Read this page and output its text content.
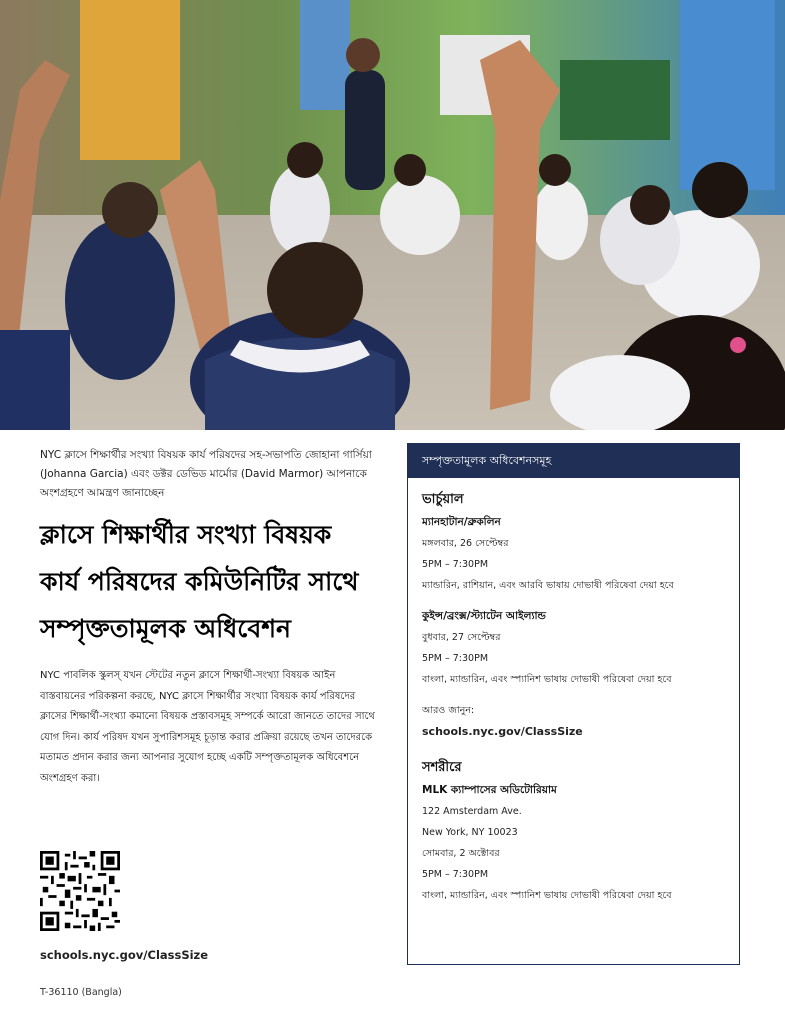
NYC ক্লাসে শিক্ষার্থীর সংখ্যা বিষয়ক কার্য পরিষদের সহ-সভাপতি জোহানা গার্সিয়া (Johanna Garcia) এবং ডক্টর ডেভিড মার্মোর (David Marmor) আপনাকে অংশগ্রহণে আমন্ত্রণ জানাচ্ছেন

ক্লাসে শিক্ষার্থীর সংখ্যা বিষয়ক কার্য পরিষদের কমিউনিটির সাথে সম্পৃক্ততামূলক অধিবেশন

NYC পাবলিক স্কুলস্ যখন স্টেটের নতুন ক্লাসে শিক্ষার্থী-সংখ্যা বিষয়ক আইন বাস্তবায়নের পরিকল্পনা করছে, NYC ক্লাসে শিক্ষার্থীর সংখ্যা বিষয়ক কার্য পরিষদের ক্লাসের শিক্ষার্থী-সংখ্যা কমানো বিষয়ক প্রস্তাবসমূহ সম্পর্কে আরো জানতে তাদের সাথে যোগ দিন। কার্য পরিষদ যখন সুপারিশসমূহ চূড়ান্ত করার প্রক্রিয়া রয়েছে তখন তাদেরকে মতামত প্রদান করার জন্য আপনার সুযোগ হচ্ছে একটি সম্পৃক্ততামূলক অধিবেশনে অংশগ্রহণ করা।

schools.nyc.gov/ClassSize
T-36110 (Bangla)
সম্পৃক্ততামূলক অধিবেশনসমূহ
ভার্চুয়াল
ম্যানহাটান/ব্রুকলিন
মঙ্গলবার, 26 সেপ্টেম্বর
5PM – 7:30PM
ম্যান্ডারিন, রাশিয়ান, এবং আরবি ভাষায় দোভাষী পরিষেবা দেয়া হবে
কুইন্স/ব্রংক্স/স্ট্যাটেন আইল্যান্ড
বুধবার, 27 সেপ্টেম্বর
5PM – 7:30PM
বাংলা, ম্যান্ডারিন, এবং স্প্যানিশ ভাষায় দোভাষী পরিষেবা দেয়া হবে
আরও জানুন:
schools.nyc.gov/ClassSize
সশরীরে
MLK ক্যাম্পাসের অডিটোরিয়াম
122 Amsterdam Ave.
New York, NY 10023
সোমবার, 2 অক্টোবর
5PM – 7:30PM
বাংলা, ম্যান্ডারিন, এবং স্প্যানিশ ভাষায় দোভাষী পরিষেবা দেয়া হবে
